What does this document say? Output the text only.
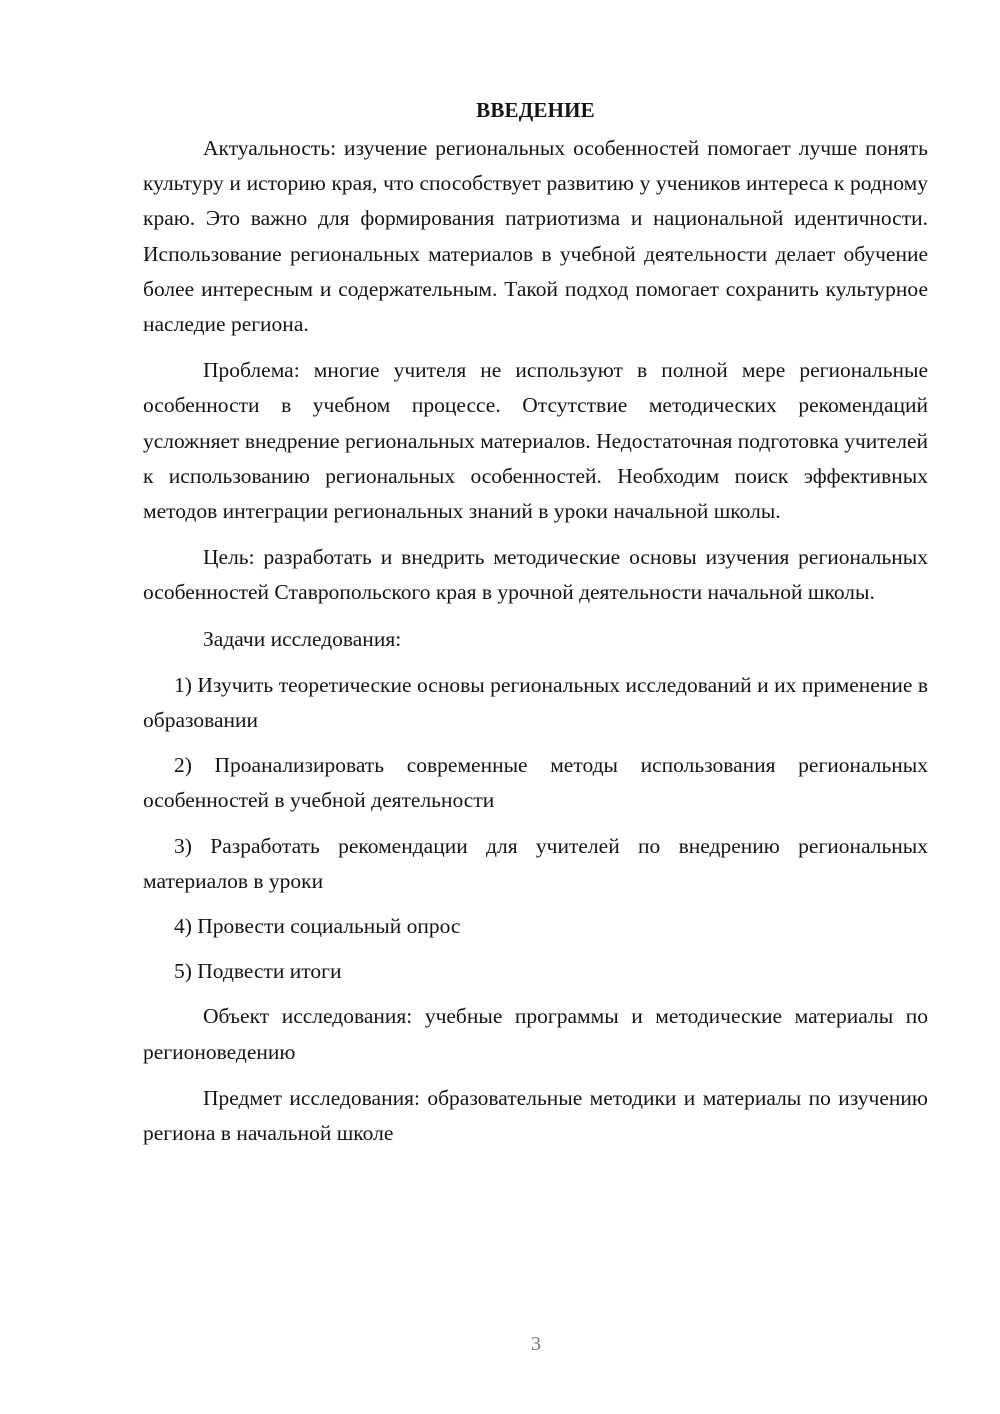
ВВЕДЕНИЕ

Актуальность: изучение региональных особенностей помогает лучше понять культуру и историю края, что способствует развитию у учеников интереса к родному краю. Это важно для формирования патриотизма и национальной идентичности. Использование региональных материалов в учебной деятельности делает обучение более интересным и содержательным. Такой подход помогает сохранить культурное наследие региона.

Проблема: многие учителя не используют в полной мере региональные особенности в учебном процессе. Отсутствие методических рекомендаций усложняет внедрение региональных материалов. Недостаточная подготовка учителей к использованию региональных особенностей. Необходим поиск эффективных методов интеграции региональных знаний в уроки начальной школы.

Цель: разработать и внедрить методические основы изучения региональных особенностей Ставропольского края в урочной деятельности начальной школы.

Задачи исследования:

1) Изучить теоретические основы региональных исследований и их применение в образовании

2) Проанализировать современные методы использования региональных особенностей в учебной деятельности

3) Разработать рекомендации для учителей по внедрению региональных материалов в уроки

4) Провести социальный опрос

5) Подвести итоги

Объект исследования: учебные программы и методические материалы по регионоведению

Предмет исследования: образовательные методики и материалы по изучению региона в начальной школе

3
